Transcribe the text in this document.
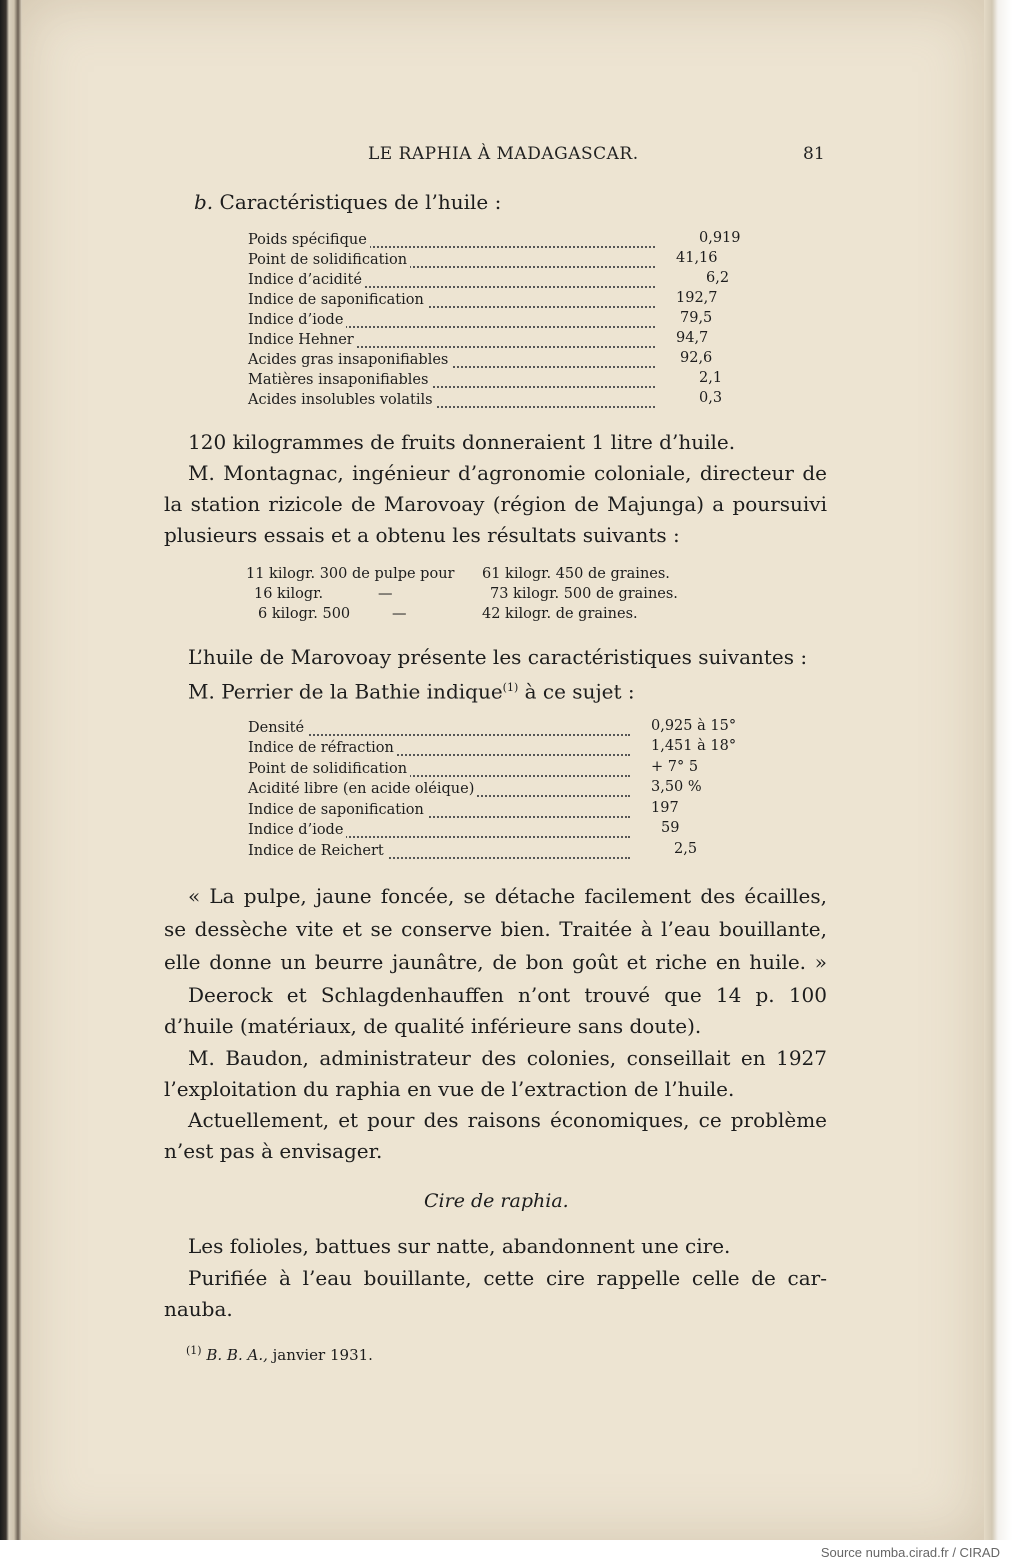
LE RAPHIA À MADAGASCAR.	81
b. Caractéristiques de l’huile :
Poids spécifique	0,919
Point de solidification	41,16
Indice d’acidité	6,2
Indice de saponification	192,7
Indice d’iode	79,5
Indice Hehner	94,7
Acides gras insaponifiables	92,6
Matières insaponifiables	2,1
Acides insolubles volatils	0,3
120 kilogrammes de fruits donneraient 1 litre d’huile.
M. Montagnac, ingénieur d’agronomie coloniale, directeur de
la station rizicole de Marovoay (région de Majunga) a poursuivi
plusieurs essais et a obtenu les résultats suivants :
11 kilogr. 300 de pulpe pour 61 kilogr. 450 de graines.
16 kilogr.	—	73 kilogr. 500 de graines.
6 kilogr. 500	—	42 kilogr. de graines.
L’huile de Marovoay présente les caractéristiques suivantes :
M. Perrier de la Bathie indique$^{(1)}$ à ce sujet :
Densité	0,925 à 15°
Indice de réfraction	1,451 à 18°
Point de solidification	+ 7° 5
Acidité libre (en acide oléique)	3,50 %
Indice de saponification	197
Indice d’iode	59
Indice de Reichert	2,5
« La pulpe, jaune foncée, se détache facilement des écailles,
se dessèche vite et se conserve bien. Traitée à l’eau bouillante,
elle donne un beurre jaunâtre, de bon goût et riche en huile. »
Deerock et Schlagdenhauffen n’ont trouvé que 14 p. 100
d’huile (matériaux, de qualité inférieure sans doute).
M. Baudon, administrateur des colonies, conseillait en 1927
l’exploitation du raphia en vue de l’extraction de l’huile.
Actuellement, et pour des raisons économiques, ce problème
n’est pas à envisager.
Cire de raphia.
Les folioles, battues sur natte, abandonnent une cire.
Purifiée à l’eau bouillante, cette cire rappelle celle de car-
nauba.
$^{(1)}$ B. B. A., janvier 1931.
Source numba.cirad.fr / CIRAD
